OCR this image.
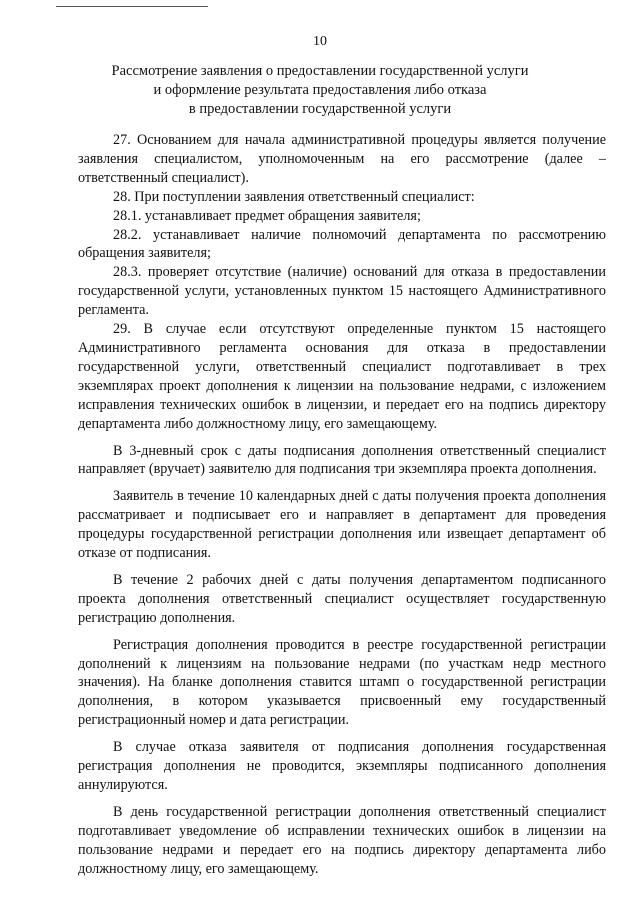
10
Рассмотрение заявления о предоставлении государственной услуги
и оформление результата предоставления либо отказа
в предоставлении государственной услуги

27. Основанием для начала административной процедуры является получение заявления специалистом, уполномоченным на его рассмотрение (далее – ответственный специалист).

28. При поступлении заявления ответственный специалист:

28.1. устанавливает предмет обращения заявителя;

28.2. устанавливает наличие полномочий департамента по рассмотрению обращения заявителя;

28.3. проверяет отсутствие (наличие) оснований для отказа в предоставлении государственной услуги, установленных пунктом 15 настоящего Административного регламента.

29. В случае если отсутствуют определенные пунктом 15 настоящего Административного регламента основания для отказа в предоставлении государственной услуги, ответственный специалист подготавливает в трех экземплярах проект дополнения к лицензии на пользование недрами, с изложением исправления технических ошибок в лицензии, и передает его на подпись директору департамента либо должностному лицу, его замещающему.

В 3-дневный срок с даты подписания дополнения ответственный специалист направляет (вручает) заявителю для подписания три экземпляра проекта дополнения.

Заявитель в течение 10 календарных дней с даты получения проекта дополнения рассматривает и подписывает его и направляет в департамент для проведения процедуры государственной регистрации дополнения или извещает департамент об отказе от подписания.

В течение 2 рабочих дней с даты получения департаментом подписанного проекта дополнения ответственный специалист осуществляет государственную регистрацию дополнения.

Регистрация дополнения проводится в реестре государственной регистрации дополнений к лицензиям на пользование недрами (по участкам недр местного значения). На бланке дополнения ставится штамп о государственной регистрации дополнения, в котором указывается присвоенный ему государственный регистрационный номер и дата регистрации.

В случае отказа заявителя от подписания дополнения государственная регистрация дополнения не проводится, экземпляры подписанного дополнения аннулируются.

В день государственной регистрации дополнения ответственный специалист подготавливает уведомление об исправлении технических ошибок в лицензии на пользование недрами и передает его на подпись директору департамента либо должностному лицу, его замещающему.
